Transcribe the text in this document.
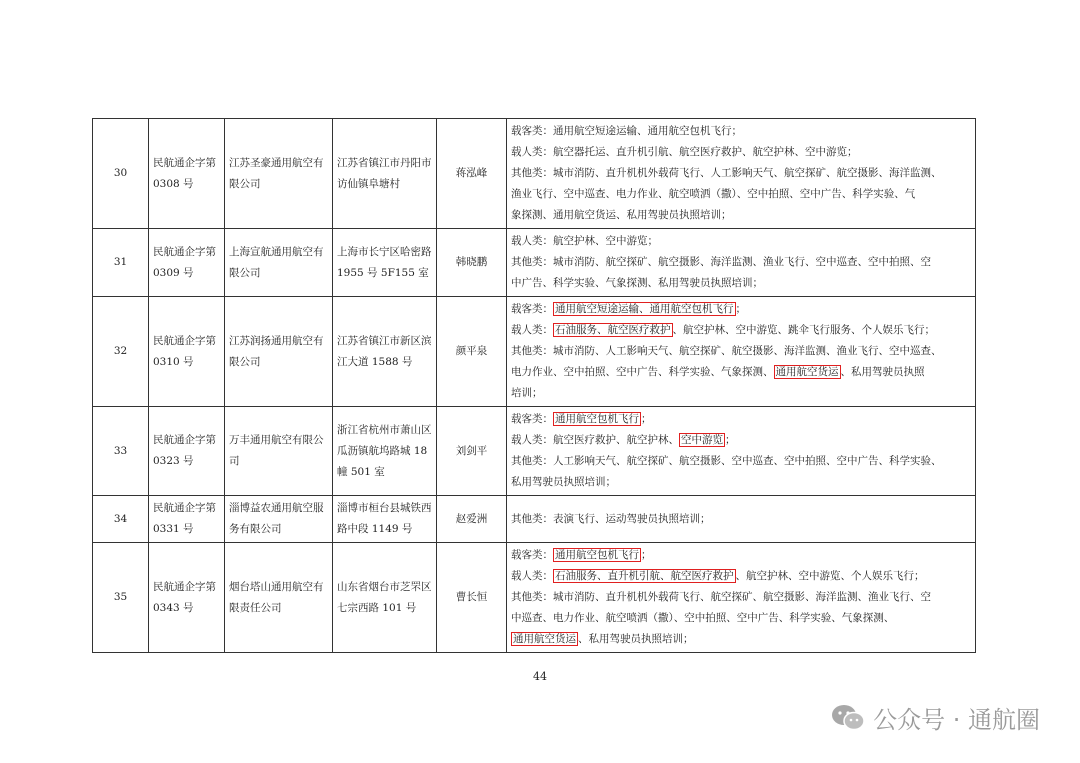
30	民航通企字第 0308 号	江苏圣豪通用航空有限公司	江苏省镇江市丹阳市访仙镇阜塘村	蒋泓峰	载客类：通用航空短途运输、通用航空包机飞行；
载人类：航空器托运、直升机引航、航空医疗救护、航空护林、空中游览；
其他类：城市消防、直升机机外载荷飞行、人工影响天气、航空探矿、航空摄影、海洋监测、
渔业飞行、空中巡查、电力作业、航空喷洒（撒）、空中拍照、空中广告、科学实验、气
象探测、通用航空货运、私用驾驶员执照培训；

31	民航通企字第 0309 号	上海宣航通用航空有限公司	上海市长宁区哈密路 1955 号 5F155 室	韩晓鹏	载人类：航空护林、空中游览；
其他类：城市消防、航空探矿、航空摄影、海洋监测、渔业飞行、空中巡查、空中拍照、空
中广告、科学实验、气象探测、私用驾驶员执照培训；

32	民航通企字第 0310 号	江苏润扬通用航空有限公司	江苏省镇江市新区滨江大道 1588 号	颜平泉	载客类： 通用航空短途运输、通用航空包机飞行 ；
载人类： 石油服务、航空医疗救护 、航空护林、空中游览、跳伞飞行服务、个人娱乐飞行；
其他类：城市消防、人工影响天气、航空探矿、航空摄影、海洋监测、渔业飞行、空中巡查、
电力作业、空中拍照、空中广告、科学实验、气象探测、 通用航空货运 、私用驾驶员执照
培训；

33	民航通企字第 0323 号	万丰通用航空有限公司	浙江省杭州市萧山区瓜沥镇航坞路城 18 幢 501 室	刘剑平	载客类： 通用航空包机飞行 ；
载人类：航空医疗救护、航空护林、 空中游览 ；
其他类：人工影响天气、航空探矿、航空摄影、空中巡查、空中拍照、空中广告、科学实验、
私用驾驶员执照培训；

34	民航通企字第 0331 号	淄博益农通用航空服务有限公司	淄博市桓台县城铁西路中段 1149 号	赵爱洲	其他类：表演飞行、运动驾驶员执照培训；

35	民航通企字第 0343 号	烟台塔山通用航空有限责任公司	山东省烟台市芝罘区七宗西路 101 号	曹长恒	载客类： 通用航空包机飞行 ；
载人类： 石油服务、直升机引航、航空医疗救护 、航空护林、空中游览、个人娱乐飞行；
其他类：城市消防、直升机机外载荷飞行、航空探矿、航空摄影、海洋监测、渔业飞行、空
中巡查、电力作业、航空喷洒（撒）、空中拍照、空中广告、科学实验、气象探测、
通用航空货运 、私用驾驶员执照培训；
44
公众号 · 通航圈
